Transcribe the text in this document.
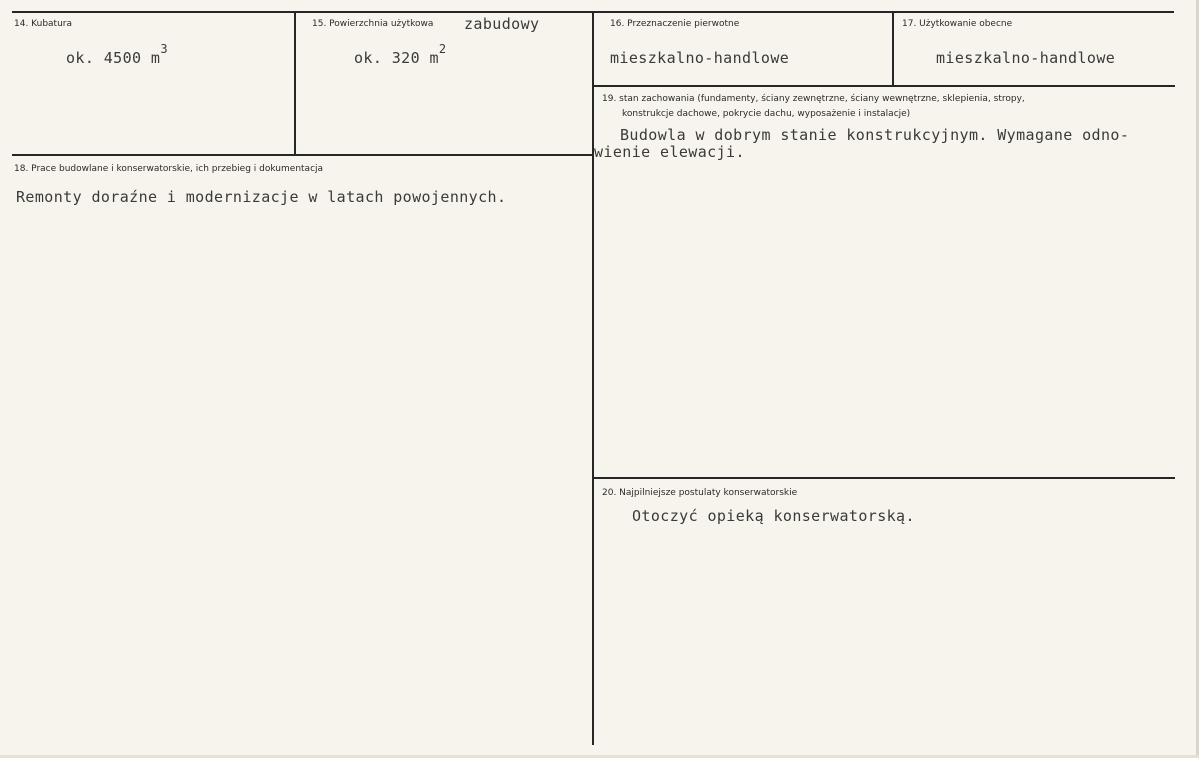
14. Kubatura
ok. 4500 $m^3$
15. Powierzchnia użytkowa zabudowy
ok. 320 $m^2$
16. Przeznaczenie pierwotne
mieszkalno-handlowe
17. Użytkowanie obecne
mieszkalno-handlowe
18. Prace budowlane i konserwatorskie, ich przebieg i dokumentacja
Remonty doraźne i modernizacje w latach powojennych.
19. stan zachowania (fundamenty, ściany zewnętrzne, ściany wewnętrzne, sklepienia, stropy,
konstrukcje dachowe, pokrycie dachu, wyposażenie i instalacje)
Budowla w dobrym stanie konstrukcyjnym. Wymagane odno-
wienie elewacji.
20. Najpilniejsze postulaty konserwatorskie
Otoczyć opieką konserwatorską.
